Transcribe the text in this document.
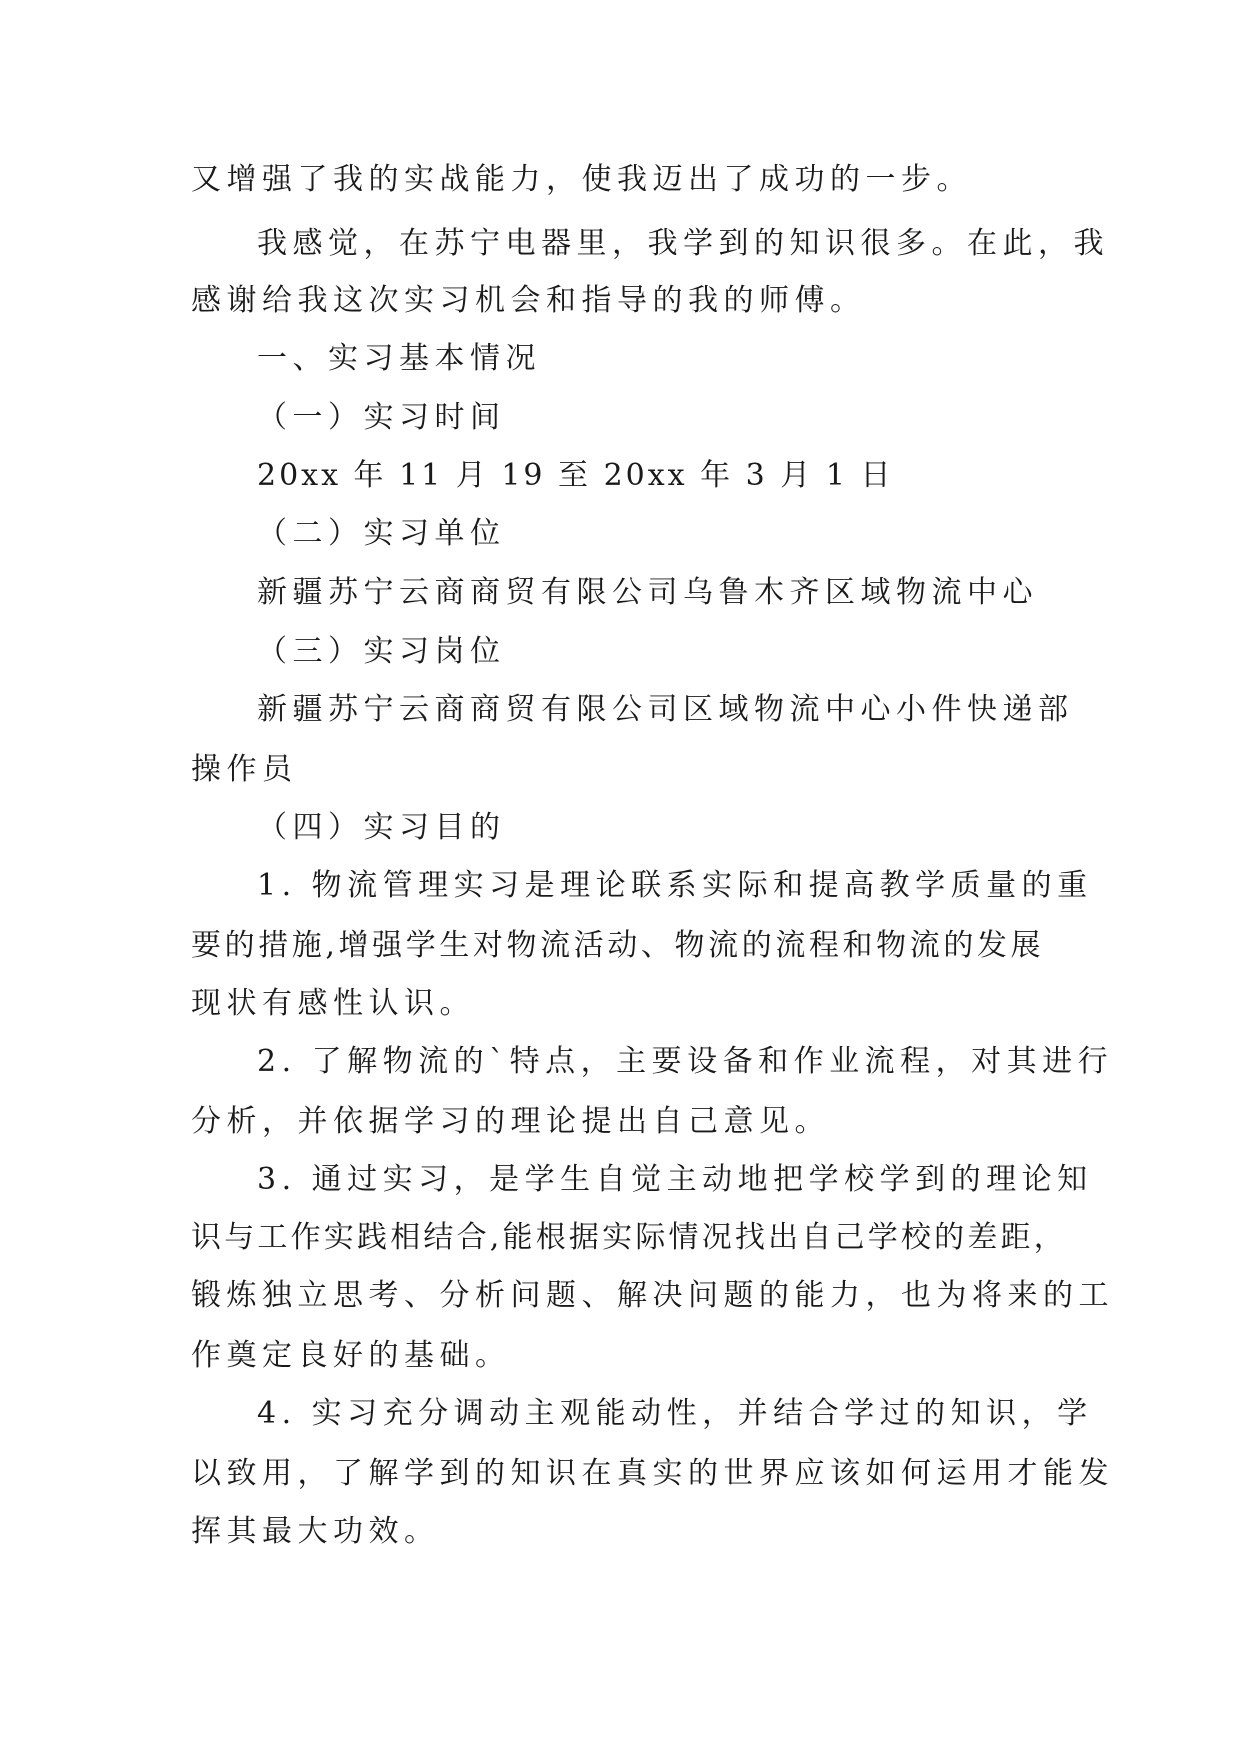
又增强了我的实战能力，使我迈出了成功的一步。
我感觉，在苏宁电器里，我学到的知识很多。在此，我
感谢给我这次实习机会和指导的我的师傅。
一、实习基本情况
（一）实习时间
20xx 年 11 月 19 至 20xx 年 3 月 1 日
（二）实习单位
新疆苏宁云商商贸有限公司乌鲁木齐区域物流中心
（三）实习岗位
新疆苏宁云商商贸有限公司区域物流中心小件快递部
操作员
（四）实习目的
1. 物流管理实习是理论联系实际和提高教学质量的重
要的措施,增强学生对物流活动、物流的流程和物流的发展
现状有感性认识。
2. 了解物流的`特点，主要设备和作业流程，对其进行
分析，并依据学习的理论提出自己意见。
3. 通过实习，是学生自觉主动地把学校学到的理论知
识与工作实践相结合,能根据实际情况找出自己学校的差距，
锻炼独立思考、分析问题、解决问题的能力，也为将来的工
作奠定良好的基础。
4. 实习充分调动主观能动性，并结合学过的知识，学
以致用，了解学到的知识在真实的世界应该如何运用才能发
挥其最大功效。
